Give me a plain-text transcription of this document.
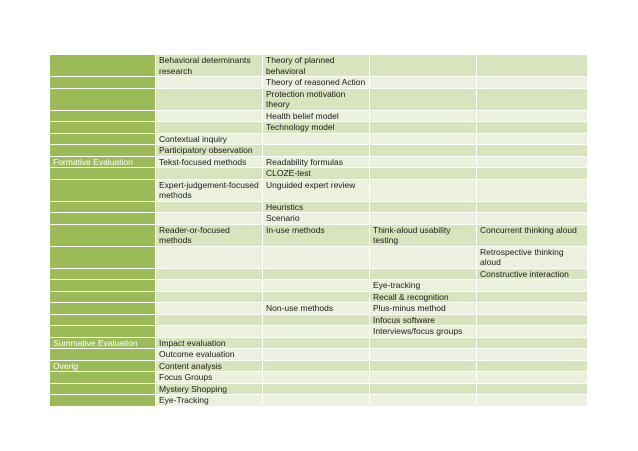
	Behavioral determinants research	Theory of planned behavioral		
		Theory of reasoned Action		
		Protection motivation theory		
		Health belief model		
		Technology model		
	Contextual inquiry			
	Participatory observation			
Formative Evaluation	Tekst-focused methods	Readability formulas		
		CLOZE-test		
	Expert-judgement-focused methods	Unguided expert review		
		Heuristics		
		Scenario		
	Reader-or-focused methods	In-use methods	Think-aloud usability testing	Concurrent thinking aloud
				Retrospective thinking aloud
				Constructive interaction
			Eye-tracking	
			Recall & recognition	
		Non-use methods	Plus-minus method	
			Infocus software	
			Interviews/focus groups	
Summative Evaluation	Impact evaluation			
	Outcome evaluation			
Overig	Content analysis			
	Focus Groups			
	Mystery Shopping			
	Eye-Tracking			
